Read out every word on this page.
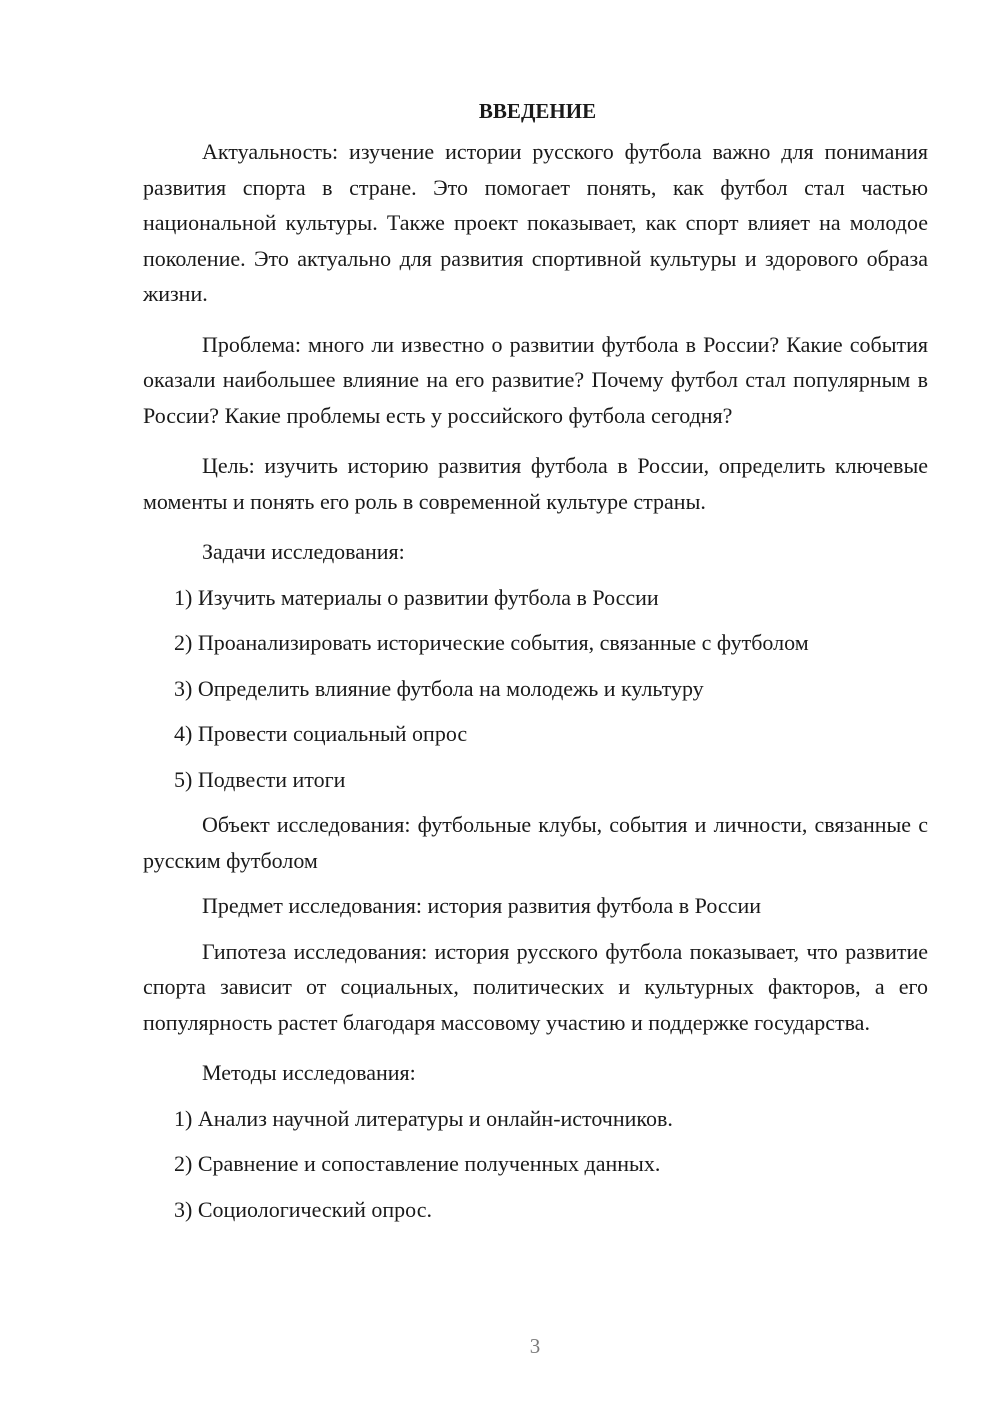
ВВЕДЕНИЕ

Актуальность: изучение истории русского футбола важно для понимания развития спорта в стране. Это помогает понять, как футбол стал частью национальной культуры. Также проект показывает, как спорт влияет на молодое поколение. Это актуально для развития спортивной культуры и здорового образа жизни.

Проблема: много ли известно о развитии футбола в России? Какие события оказали наибольшее влияние на его развитие? Почему футбол стал популярным в России? Какие проблемы есть у российского футбола сегодня?

Цель: изучить историю развития футбола в России, определить ключевые моменты и понять его роль в современной культуре страны.

Задачи исследования:

1) Изучить материалы о развитии футбола в России
2) Проанализировать исторические события, связанные с футболом
3) Определить влияние футбола на молодежь и культуру
4) Провести социальный опрос
5) Подвести итоги

Объект исследования: футбольные клубы, события и личности, связанные с русским футболом

Предмет исследования: история развития футбола в России

Гипотеза исследования: история русского футбола показывает, что развитие спорта зависит от социальных, политических и культурных факторов, а его популярность растет благодаря массовому участию и поддержке государства.

Методы исследования:

1) Анализ научной литературы и онлайн-источников.
2) Сравнение и сопоставление полученных данных.
3) Социологический опрос.
3
